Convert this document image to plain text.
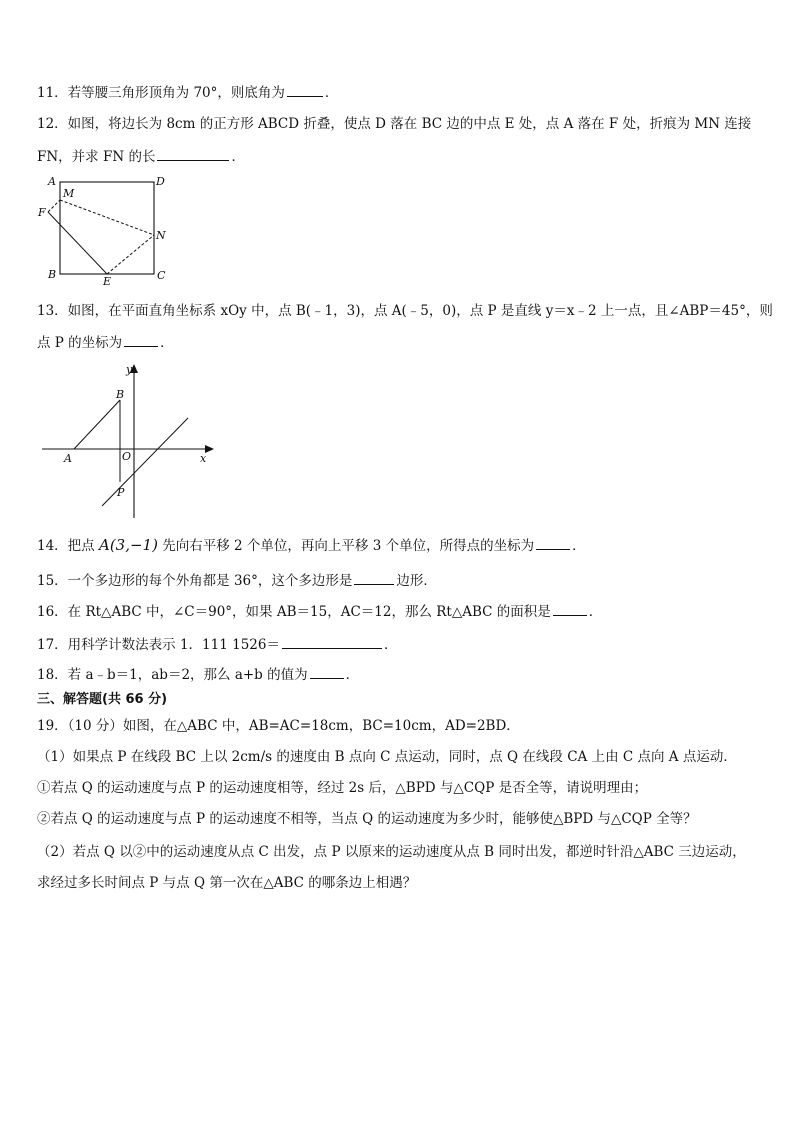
11．若等腰三角形顶角为 70°，则底角为	．
12．如图，将边长为 8cm 的正方形 ABCD 折叠，使点 D 落在 BC 边的中点 E 处，点 A 落在 F 处，折痕为 MN 连接
FN，并求 FN 的长	．
A
M
D
F
N
B
E	C
13．如图，在平面直角坐标系 xOy 中，点 B(﹣1，3)，点 A(﹣5，0)，点 P 是直线 y＝x﹣2 上一点，且∠ABP＝45°，则
点 P 的坐标为	．
y
x
B
A	O
P
14．把点 A(3,−1) 先向右平移 2 个单位，再向上平移 3 个单位，所得点的坐标为	．
15．一个多边形的每个外角都是 36°，这个多边形是	边形．
16．在 Rt△ABC 中，∠C＝90°，如果 AB＝15，AC＝12，那么 Rt△ABC 的面积是	．
17．用科学计数法表示 1．111 1526＝	．
18．若 a﹣b＝1，ab＝2，那么 a+b 的值为	．
三、解答题(共 66 分)
19．（10 分）如图，在△ABC 中，AB=AC=18cm，BC=10cm，AD=2BD．
（1）如果点 P 在线段 BC 上以 2cm/s 的速度由 B 点向 C 点运动，同时，点 Q 在线段 CA 上由 C 点向 A 点运动．
①若点 Q 的运动速度与点 P 的运动速度相等，经过 2s 后，△BPD 与△CQP 是否全等，请说明理由；
②若点 Q 的运动速度与点 P 的运动速度不相等，当点 Q 的运动速度为多少时，能够使△BPD 与△CQP 全等？
（2）若点 Q 以②中的运动速度从点 C 出发，点 P 以原来的运动速度从点 B 同时出发，都逆时针沿△ABC 三边运动，
求经过多长时间点 P 与点 Q 第一次在△ABC 的哪条边上相遇？
